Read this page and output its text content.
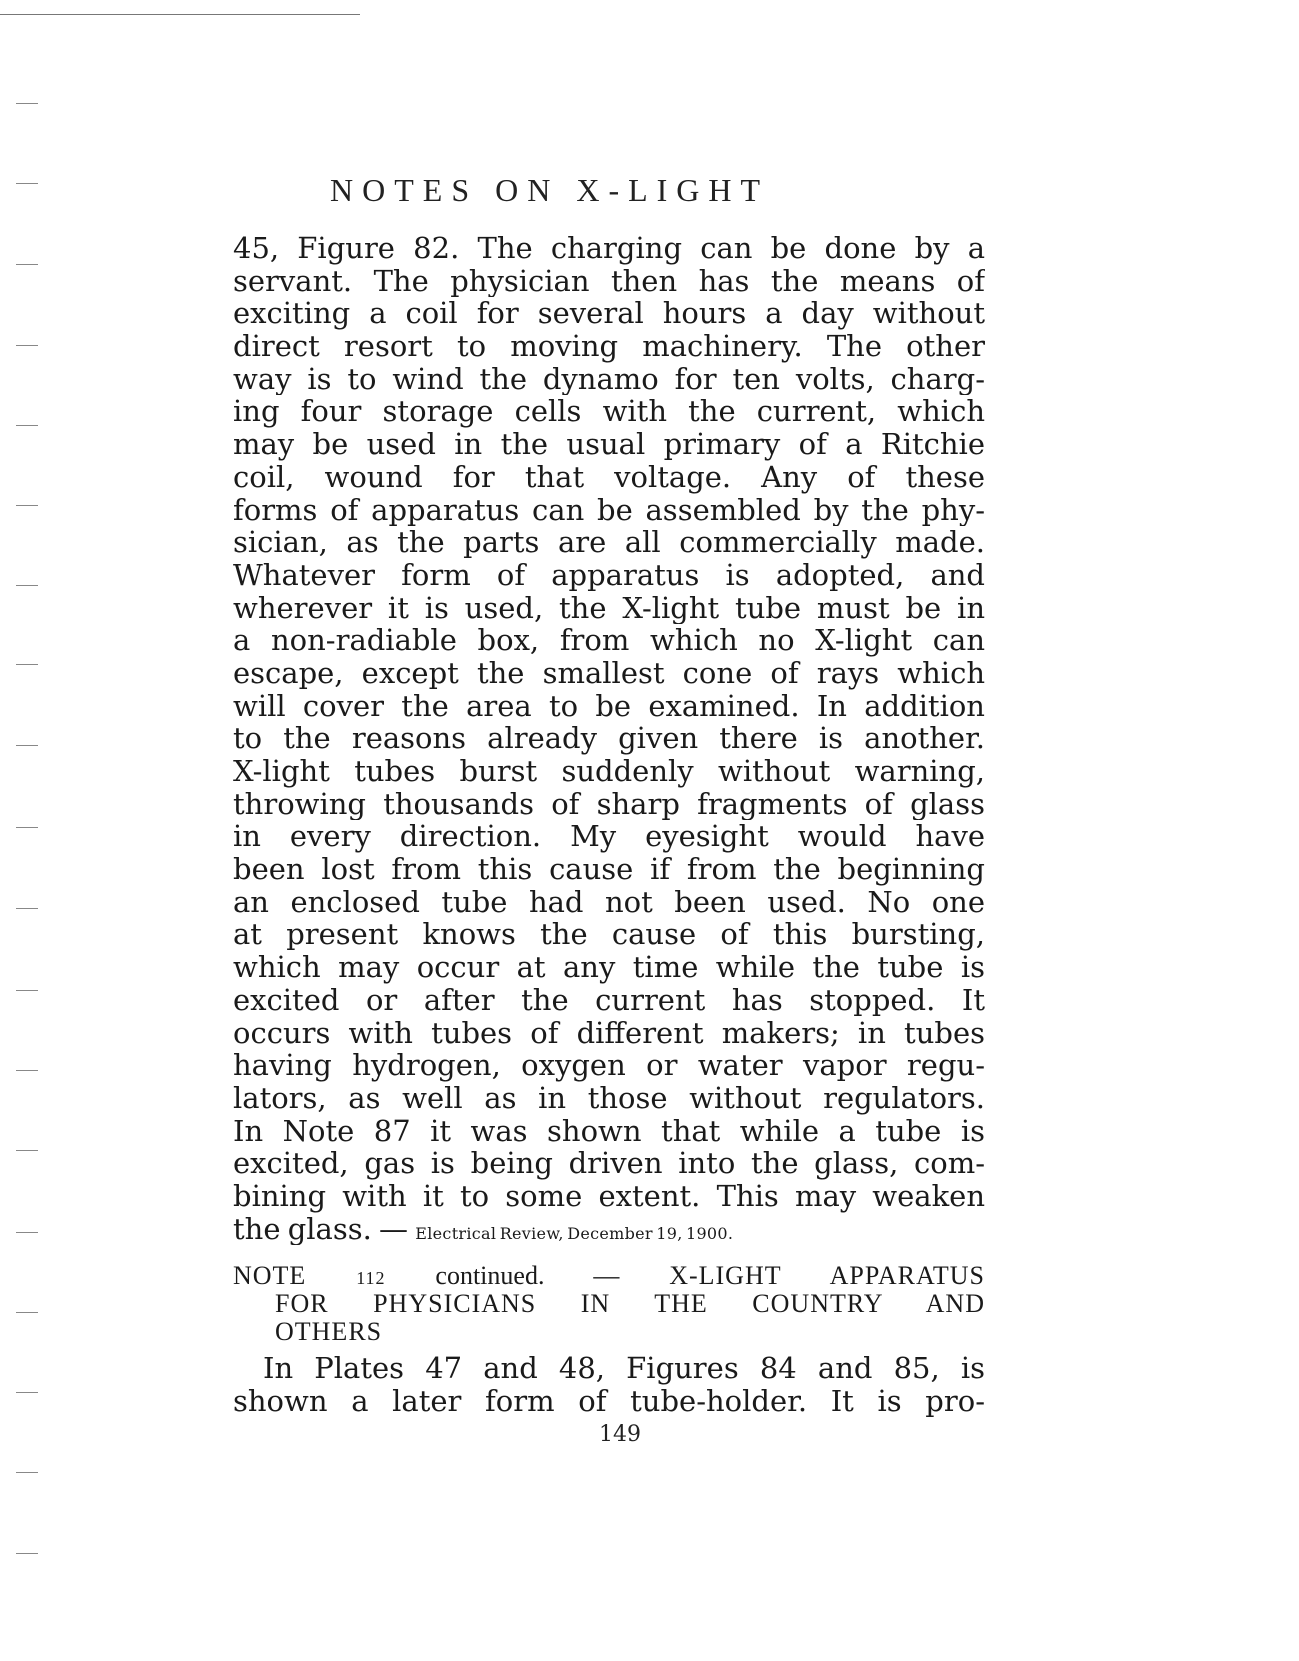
NOTES ON X-LIGHT
45, Figure 82. The charging can be done by a
servant. The physician then has the means of
exciting a coil for several hours a day without
direct resort to moving machinery. The other
way is to wind the dynamo for ten volts, charg-
ing four storage cells with the current, which
may be used in the usual primary of a Ritchie
coil, wound for that voltage. Any of these
forms of apparatus can be assembled by the phy-
sician, as the parts are all commercially made.
Whatever form of apparatus is adopted, and
wherever it is used, the X-light tube must be in
a non-radiable box, from which no X-light can
escape, except the smallest cone of rays which
will cover the area to be examined. In addition
to the reasons already given there is another.
X-light tubes burst suddenly without warning,
throwing thousands of sharp fragments of glass
in every direction. My eyesight would have
been lost from this cause if from the beginning
an enclosed tube had not been used. No one
at present knows the cause of this bursting,
which may occur at any time while the tube is
excited or after the current has stopped. It
occurs with tubes of different makers; in tubes
having hydrogen, oxygen or water vapor regu-
lators, as well as in those without regulators.
In Note 87 it was shown that while a tube is
excited, gas is being driven into the glass, com-
bining with it to some extent. This may weaken
the glass. — Electrical Review, December 19, 1900.
NOTE	112 continued. — X-LIGHT APPARATUS
FOR PHYSICIANS IN THE COUNTRY AND
OTHERS
In Plates 47 and 48, Figures 84 and 85, is
shown a later form of tube-holder. It is pro-
149
